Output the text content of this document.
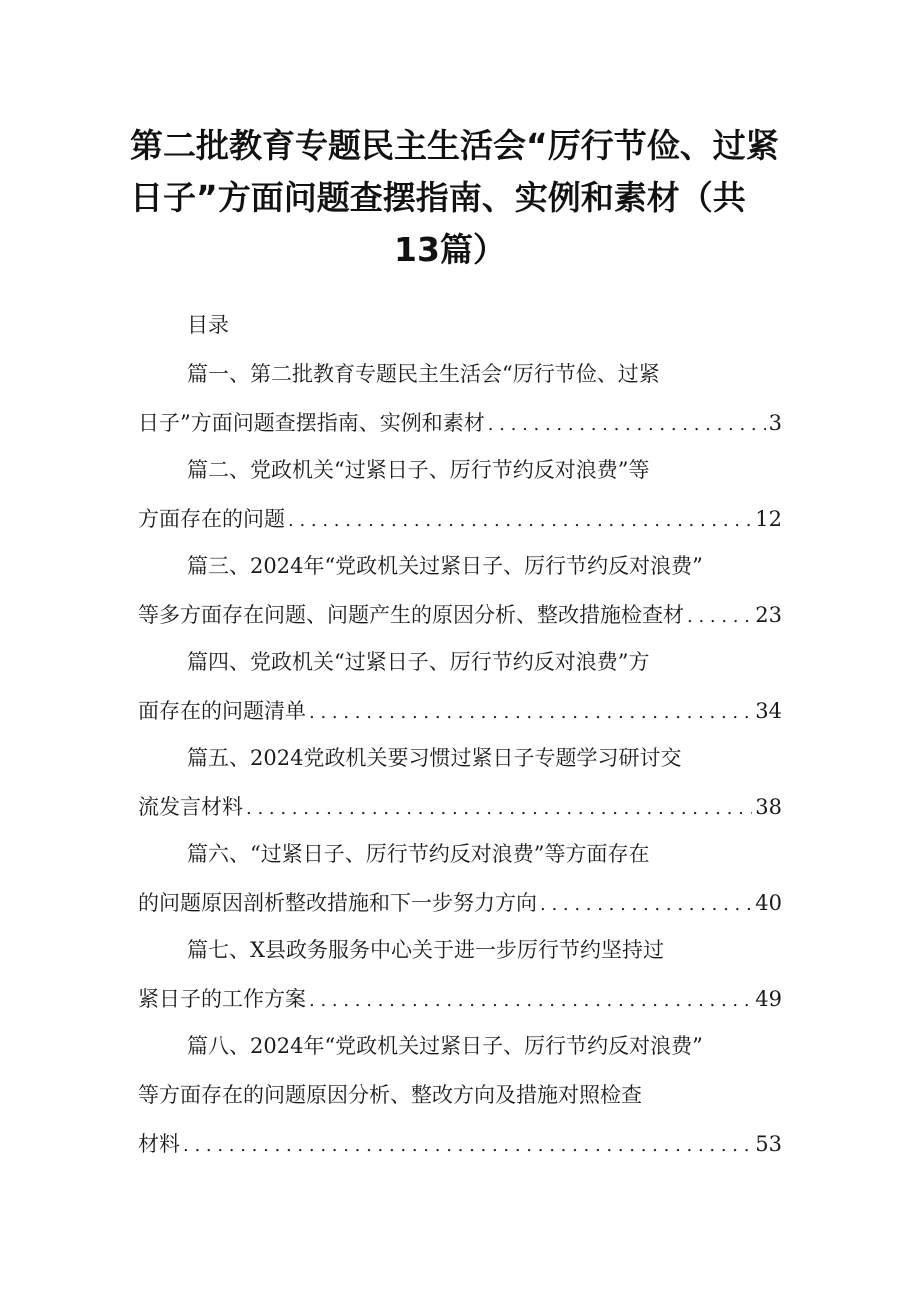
第二批教育专题民主生活会“厉行节俭、过紧
日子”方面问题查摆指南、实例和素材（共
13篇）
目录
篇一、第二批教育专题民主生活会“厉行节俭、过紧
日子”方面问题查摆指南、实例和素材 . . .	3
篇二、党政机关“过紧日子、厉行节约反对浪费”等
方面存在的问题 . . .	12
篇三、2024年“党政机关过紧日子、厉行节约反对浪费”
等多方面存在问题、问题产生的原因分析、整改措施检查材 . . .	23
篇四、党政机关“过紧日子、厉行节约反对浪费”方
面存在的问题清单 . . .	34
篇五、2024党政机关要习惯过紧日子专题学习研讨交
流发言材料 . . .	38
篇六、“过紧日子、厉行节约反对浪费”等方面存在
的问题原因剖析整改措施和下一步努力方向 . . .	40
篇七、X县政务服务中心关于进一步厉行节约坚持过
紧日子的工作方案 . . .	49
篇八、2024年“党政机关过紧日子、厉行节约反对浪费”
等方面存在的问题原因分析、整改方向及措施对照检查
材料 . . .	53
